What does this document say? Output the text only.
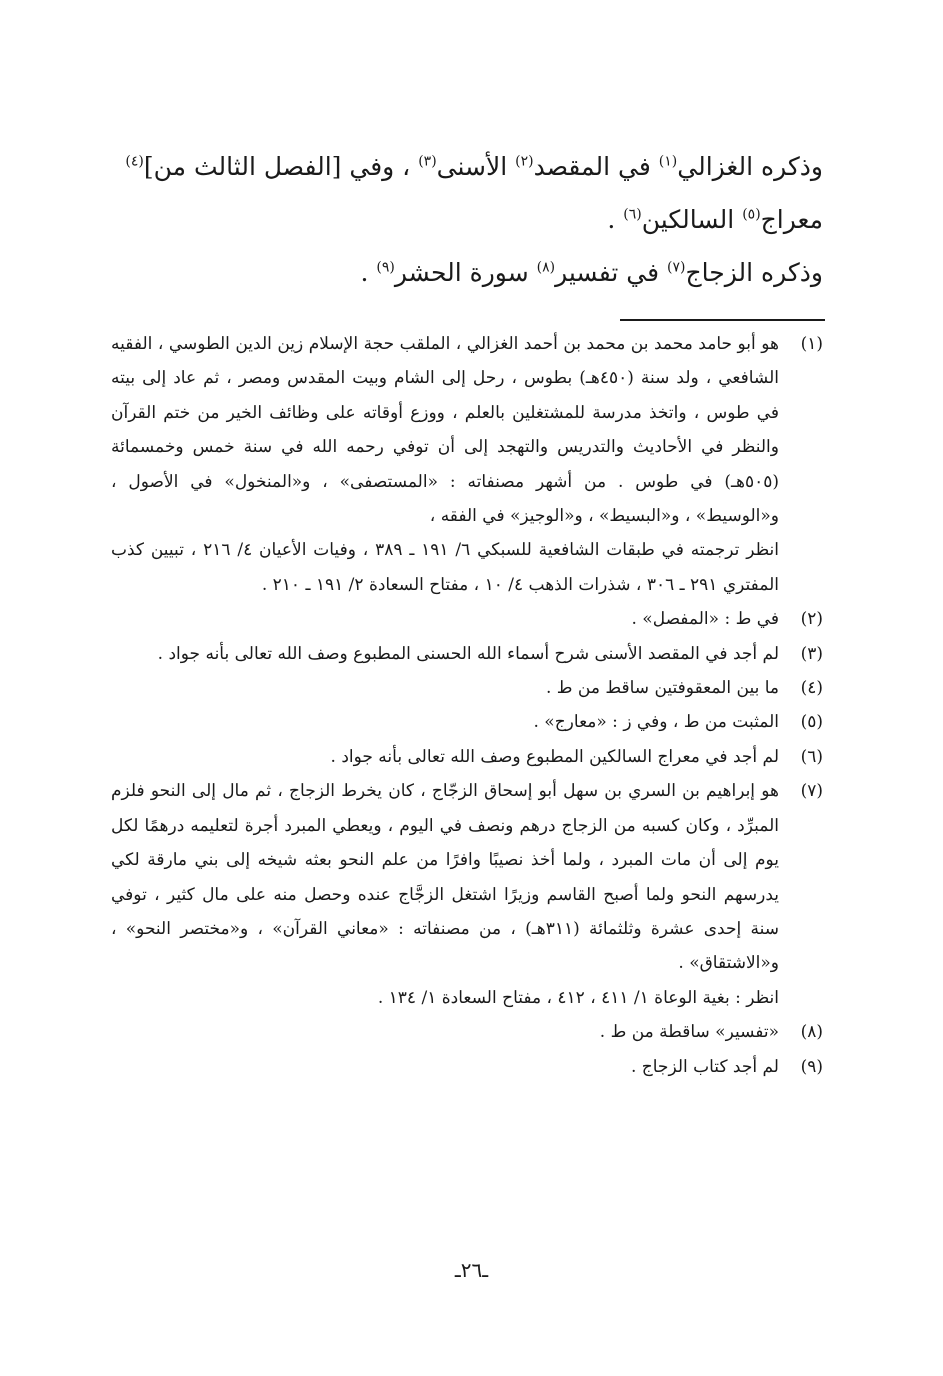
وذكره الغزالي$^{(١)}$ في المقصد$^{(٢)}$ الأسنى$^{(٣)}$ ، وفي [الفصل الثالث من]$^{(٤)}$ معراج$^{(٥)}$ السالكين$^{(٦)}$ .

وذكره الزجاج$^{(٧)}$ في تفسير$^{(٨)}$ سورة الحشر$^{(٩)}$ .

(١)

هو أبو حامد محمد بن محمد بن أحمد الغزالي ، الملقب حجة الإسلام زين الدين الطوسي ، الفقيه الشافعي ، ولد سنة (٤٥٠هـ) بطوس ، رحل إلى الشام وبيت المقدس ومصر ، ثم عاد إلى بيته في طوس ، واتخذ مدرسة للمشتغلين بالعلم ، ووزع أوقاته على وظائف الخير من ختم القرآن والنظر في الأحاديث والتدريس والتهجد إلى أن توفي رحمه الله في سنة خمس وخمسمائة (٥٠٥هـ) في طوس . من أشهر مصنفاته : «المستصفى» ، و«المنخول» في الأصول ، و«الوسيط» ، و«البسيط» ، و«الوجيز» في الفقه ،

انظر ترجمته في طبقات الشافعية للسبكي ٦/ ١٩١ ـ ٣٨٩ ، وفيات الأعيان ٤/ ٢١٦ ، تبيين كذب المفتري ٢٩١ ـ ٣٠٦ ، شذرات الذهب ٤/ ١٠ ، مفتاح السعادة ٢/ ١٩١ ـ ٢١٠ .

(٢)

في ط : «المفصل» .

(٣)

لم أجد في المقصد الأسنى شرح أسماء الله الحسنى المطبوع وصف الله تعالى بأنه جواد .

(٤)

ما بين المعقوفتين ساقط من ط .

(٥)

المثبت من ط ، وفي ز : «معارج» .

(٦)

لم أجد في معراج السالكين المطبوع وصف الله تعالى بأنه جواد .

(٧)

هو إبراهيم بن السري بن سهل أبو إسحاق الزجّاج ، كان يخرط الزجاج ، ثم مال إلى النحو فلزم المبرِّد ، وكان كسبه من الزجاج درهم ونصف في اليوم ، ويعطي المبرد أجرة لتعليمه درهمًا لكل يوم إلى أن مات المبرد ، ولما أخذ نصيبًا وافرًا من علم النحو بعثه شيخه إلى بني مارقة لكي يدرسهم النحو ولما أصبح القاسم وزيرًا اشتغل الزجَّاج عنده وحصل منه على مال كثير ، توفي سنة إحدى عشرة وثلثمائة (٣١١هـ) ، من مصنفاته : «معاني القرآن» ، و«مختصر النحو» ، و«الاشتقاق» .

انظر : بغية الوعاة ١/ ٤١١ ، ٤١٢ ، مفتاح السعادة ١/ ١٣٤ .

(٨)

«تفسير» ساقطة من ط .

(٩)

لم أجد كتاب الزجاج .

ـ٢٦ـ
